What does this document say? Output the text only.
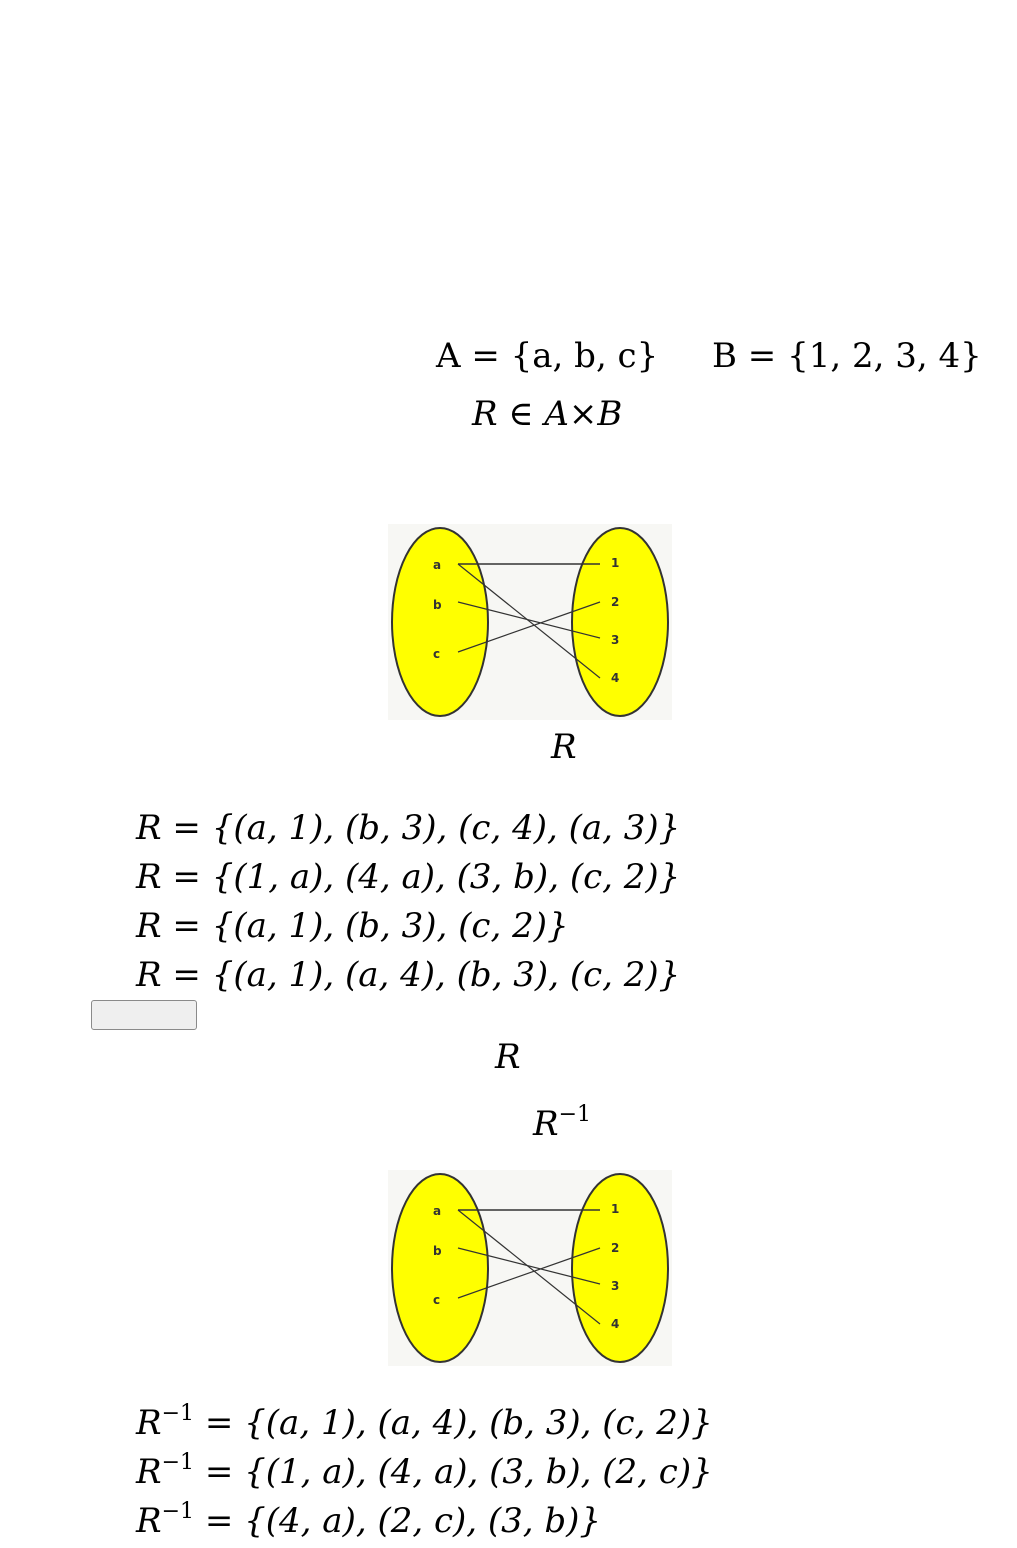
A = {a, b, c} B = {1, 2, 3, 4}
R ∈ A×B
a
b
c
1
2
3
4
R
R = {(a, 1), (b, 3), (c, 4), (a, 3)}
R = {(1, a), (4, a), (3, b), (c, 2)}
R = {(a, 1), (b, 3), (c, 2)}
R = {(a, 1), (a, 4), (b, 3), (c, 2)}
R
$R^{-1}$
a
b
c
1
2
3
4
$R^{-1} = \{(a$, 1), (a, 4), (b, 3), (c, 2)}
$R^{-1} = \{(1$, a), (4, a), (3, b), (2, c)}
$R^{-1} = \{(4$, a), (2, c), (3, b)}
